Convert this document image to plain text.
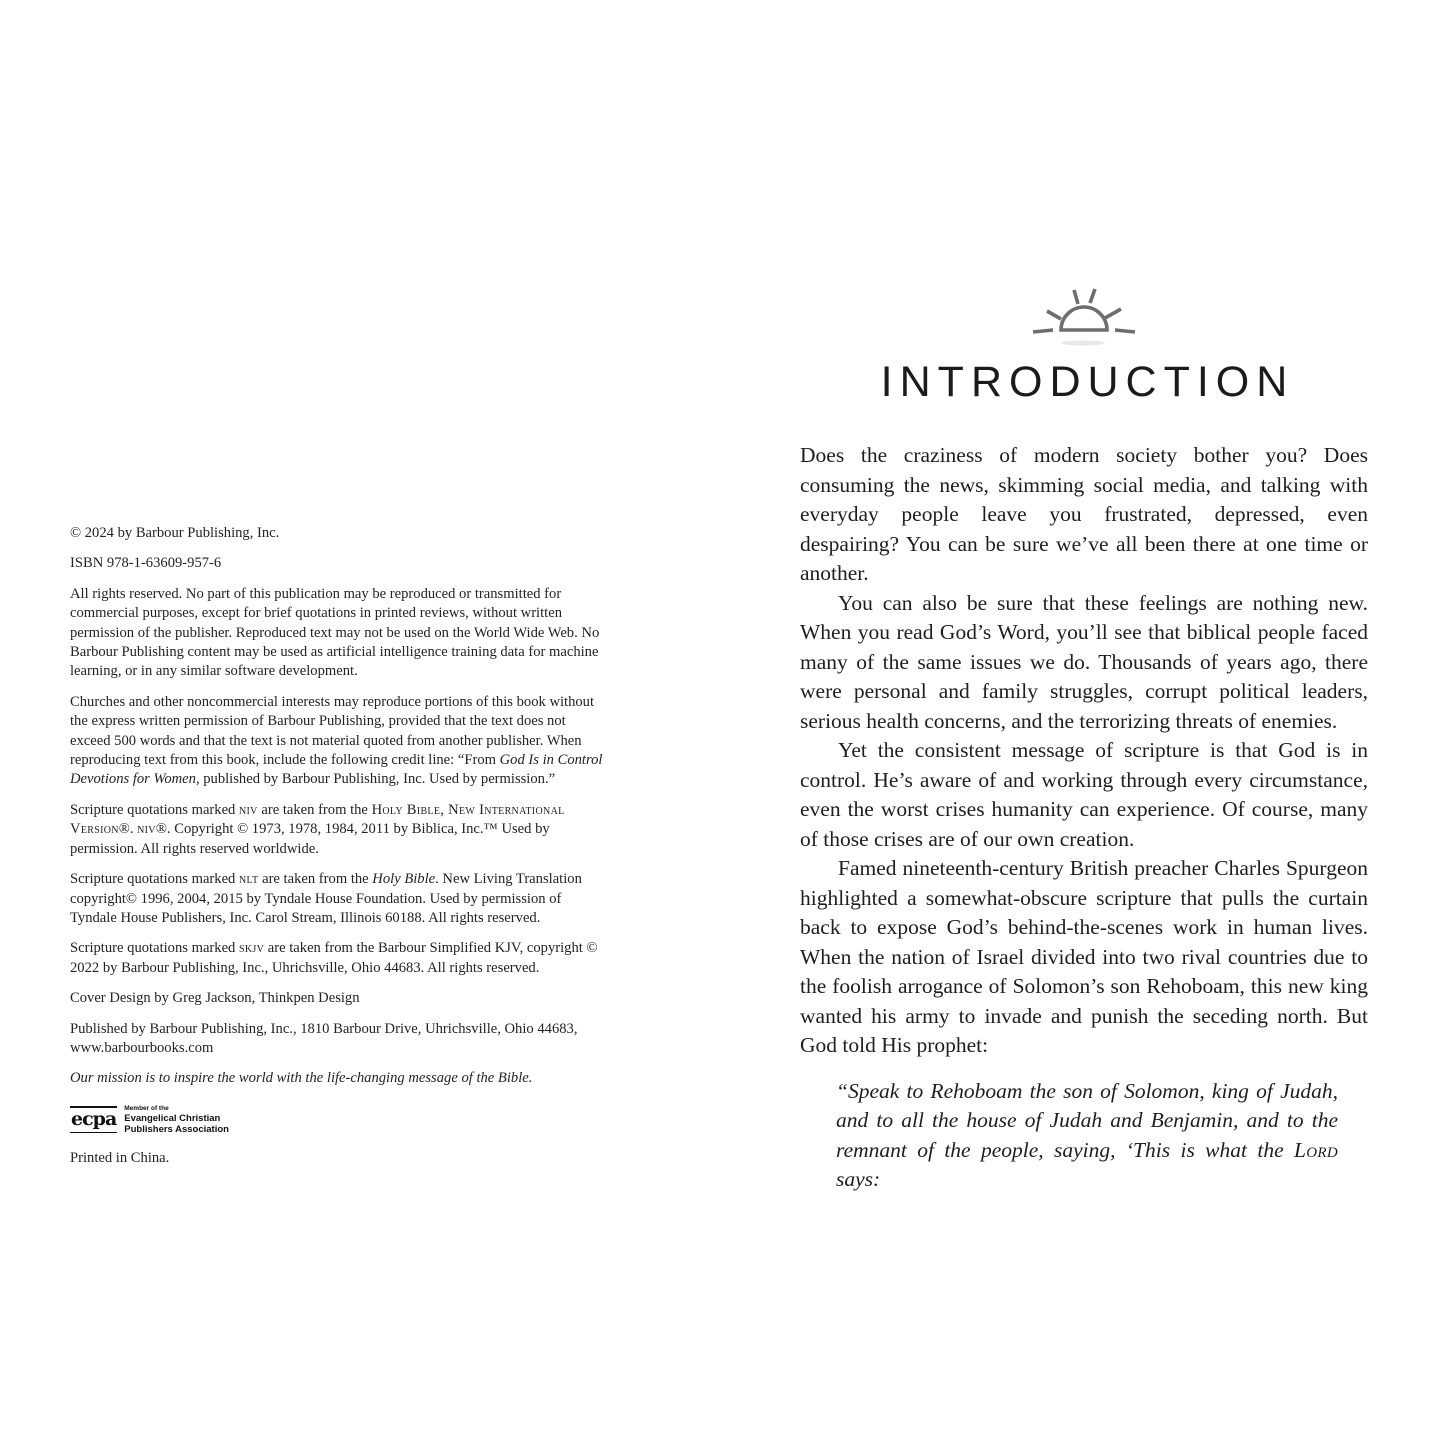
© 2024 by Barbour Publishing, Inc.

ISBN 978-1-63609-957-6

All rights reserved. No part of this publication may be reproduced or transmitted for commercial purposes, except for brief quotations in printed reviews, without written permission of the publisher. Reproduced text may not be used on the World Wide Web. No Barbour Publishing content may be used as artificial intelligence training data for machine learning, or in any similar software development.

Churches and other noncommercial interests may reproduce portions of this book without the express written permission of Barbour Publishing, provided that the text does not exceed 500 words and that the text is not material quoted from another publisher. When reproducing text from this book, include the following credit line: “From God Is in Control Devotions for Women, published by Barbour Publishing, Inc. Used by permission.”

Scripture quotations marked niv are taken from the Holy Bible, New International Version®. niv®. Copyright © 1973, 1978, 1984, 2011 by Biblica, Inc.™ Used by permission. All rights reserved worldwide.

Scripture quotations marked nlt are taken from the Holy Bible. New Living Translation copyright© 1996, 2004, 2015 by Tyndale House Foundation. Used by permission of Tyndale House Publishers, Inc. Carol Stream, Illinois 60188. All rights reserved.

Scripture quotations marked skjv are taken from the Barbour Simplified KJV, copyright © 2022 by Barbour Publishing, Inc., Uhrichsville, Ohio 44683. All rights reserved.

Cover Design by Greg Jackson, Thinkpen Design

Published by Barbour Publishing, Inc., 1810 Barbour Drive, Uhrichsville, Ohio 44683, www.barbourbooks.com

Our mission is to inspire the world with the life-changing message of the Bible.

ecpa Member of the
Evangelical Christian
Publishers Association

Printed in China.

INTRODUCTION

Does the craziness of modern society bother you? Does consuming the news, skimming social media, and talking with everyday people leave you frustrated, depressed, even despairing? You can be sure we’ve all been there at one time or another.

You can also be sure that these feelings are nothing new. When you read God’s Word, you’ll see that biblical people faced many of the same issues we do. Thousands of years ago, there were personal and family struggles, corrupt political leaders, serious health concerns, and the terrorizing threats of enemies.

Yet the consistent message of scripture is that God is in control. He’s aware of and working through every circumstance, even the worst crises humanity can experience. Of course, many of those crises are of our own creation.

Famed nineteenth-century British preacher Charles Spurgeon highlighted a somewhat-obscure scripture that pulls the curtain back to expose God’s behind-the-scenes work in human lives. When the nation of Israel divided into two rival countries due to the foolish arrogance of Solomon’s son Rehoboam, this new king wanted his army to invade and punish the seceding north. But God told His prophet:

“Speak to Rehoboam the son of Solomon, king of Judah, and to all the house of Judah and Benjamin, and to the remnant of the people, saying, ‘This is what the Lord says:
